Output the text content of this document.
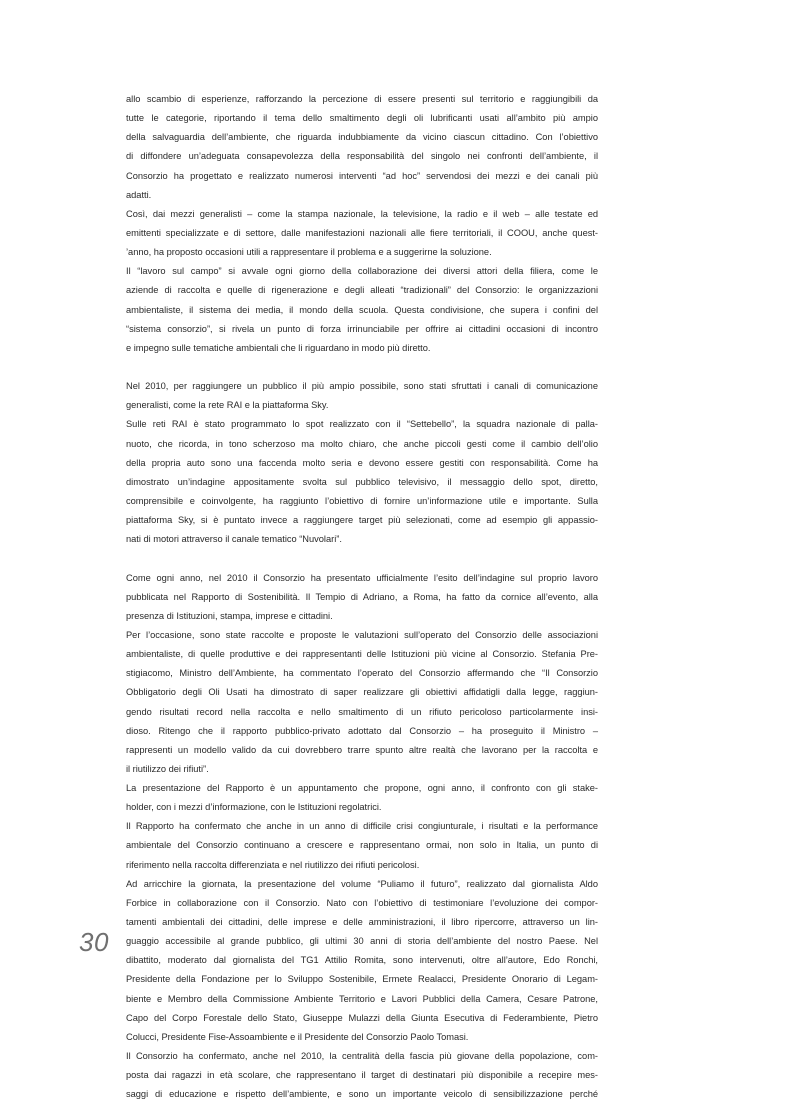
allo scambio di esperienze, rafforzando la percezione di essere presenti sul territorio e raggiungibili da
tutte le categorie, riportando il tema dello smaltimento degli oli lubrificanti usati all’ambito più ampio
della salvaguardia dell’ambiente, che riguarda indubbiamente da vicino ciascun cittadino. Con l’obiettivo
di diffondere un’adeguata consapevolezza della responsabilità del singolo nei confronti dell’ambiente, il
Consorzio ha progettato e realizzato numerosi interventi “ad hoc” servendosi dei mezzi e dei canali più
adatti.
Così, dai mezzi generalisti – come la stampa nazionale, la televisione, la radio e il web – alle testate ed
emittenti specializzate e di settore, dalle manifestazioni nazionali alle fiere territoriali, il COOU, anche quest-
’anno, ha proposto occasioni utili a rappresentare il problema e a suggerirne la soluzione.
Il “lavoro sul campo” si avvale ogni giorno della collaborazione dei diversi attori della filiera, come le
aziende di raccolta e quelle di rigenerazione e degli alleati “tradizionali” del Consorzio: le organizzazioni
ambientaliste, il sistema dei media, il mondo della scuola. Questa condivisione, che supera i confini del
“sistema consorzio”, si rivela un punto di forza irrinunciabile per offrire ai cittadini occasioni di incontro
e impegno sulle tematiche ambientali che li riguardano in modo più diretto.
Nel 2010, per raggiungere un pubblico il più ampio possibile, sono stati sfruttati i canali di comunicazione
generalisti, come la rete RAI e la piattaforma Sky.
Sulle reti RAI è stato programmato lo spot realizzato con il “Settebello”, la squadra nazionale di palla-
nuoto, che ricorda, in tono scherzoso ma molto chiaro, che anche piccoli gesti come il cambio dell’olio
della propria auto sono una faccenda molto seria e devono essere gestiti con responsabilità. Come ha
dimostrato un’indagine appositamente svolta sul pubblico televisivo, il messaggio dello spot, diretto,
comprensibile e coinvolgente, ha raggiunto l’obiettivo di fornire un’informazione utile e importante. Sulla
piattaforma Sky, si è puntato invece a raggiungere target più selezionati, come ad esempio gli appassio-
nati di motori attraverso il canale tematico “Nuvolari”.
Come ogni anno, nel 2010 il Consorzio ha presentato ufficialmente l’esito dell’indagine sul proprio lavoro
pubblicata nel Rapporto di Sostenibilità. Il Tempio di Adriano, a Roma, ha fatto da cornice all’evento, alla
presenza di Istituzioni, stampa, imprese e cittadini.
Per l’occasione, sono state raccolte e proposte le valutazioni sull’operato del Consorzio delle associazioni
ambientaliste, di quelle produttive e dei rappresentanti delle Istituzioni più vicine al Consorzio. Stefania Pre-
stigiacomo, Ministro dell’Ambiente, ha commentato l’operato del Consorzio affermando che “Il Consorzio
Obbligatorio degli Oli Usati ha dimostrato di saper realizzare gli obiettivi affidatigli dalla legge, raggiun-
gendo risultati record nella raccolta e nello smaltimento di un rifiuto pericoloso particolarmente insi-
dioso. Ritengo che il rapporto pubblico-privato adottato dal Consorzio – ha proseguito il Ministro –
rappresenti un modello valido da cui dovrebbero trarre spunto altre realtà che lavorano per la raccolta e
il riutilizzo dei rifiuti”.
La presentazione del Rapporto è un appuntamento che propone, ogni anno, il confronto con gli stake-
holder, con i mezzi d’informazione, con le Istituzioni regolatrici.
Il Rapporto ha confermato che anche in un anno di difficile crisi congiunturale, i risultati e la performance
ambientale del Consorzio continuano a crescere e rappresentano ormai, non solo in Italia, un punto di
riferimento nella raccolta differenziata e nel riutilizzo dei rifiuti pericolosi.
Ad arricchire la giornata, la presentazione del volume “Puliamo il futuro”, realizzato dal giornalista Aldo
Forbice in collaborazione con il Consorzio. Nato con l’obiettivo di testimoniare l’evoluzione dei compor-
tamenti ambientali dei cittadini, delle imprese e delle amministrazioni, il libro ripercorre, attraverso un lin-
guaggio accessibile al grande pubblico, gli ultimi 30 anni di storia dell’ambiente del nostro Paese. Nel
dibattito, moderato dal giornalista del TG1 Attilio Romita, sono intervenuti, oltre all’autore, Edo Ronchi,
Presidente della Fondazione per lo Sviluppo Sostenibile, Ermete Realacci, Presidente Onorario di Legam-
biente e Membro della Commissione Ambiente Territorio e Lavori Pubblici della Camera, Cesare Patrone,
Capo del Corpo Forestale dello Stato, Giuseppe Mulazzi della Giunta Esecutiva di Federambiente, Pietro
Colucci, Presidente Fise-Assoambiente e il Presidente del Consorzio Paolo Tomasi.
Il Consorzio ha confermato, anche nel 2010, la centralità della fascia più giovane della popolazione, com-
posta dai ragazzi in età scolare, che rappresentano il target di destinatari più disponibile a recepire mes-
saggi di educazione e rispetto dell’ambiente, e sono un importante veicolo di sensibilizzazione perché
30
